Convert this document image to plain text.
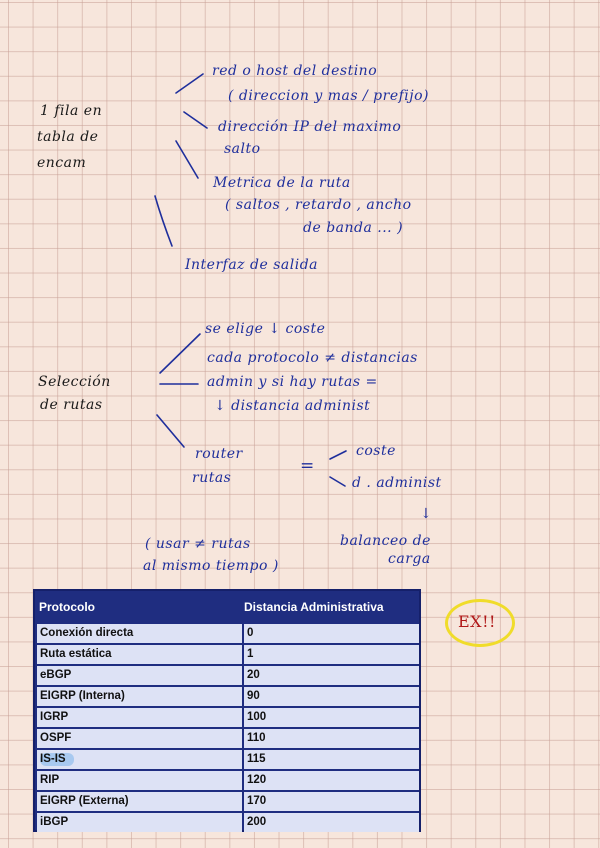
1 fila en
tabla de
encam
red o host del destino
( direccion y mas / prefijo)
dirección IP del maximo
salto
Metrica de la ruta
( saltos , retardo , ancho
de banda ... )
Interfaz de salida
Selección
de rutas
se elige ↓ coste
cada protocolo ≠ distancias
admin y si hay rutas =
↓ distancia administ
router
rutas
=
coste
d . administ
↓
balanceo de
carga
( usar ≠ rutas
al mismo tiempo )
Protocolo	Distancia Administrativa
Conexión directa	0
Ruta estática	1
eBGP	20
EIGRP (Interna)	90
IGRP	100
OSPF	110
IS-IS	115
RIP	120
EIGRP (Externa)	170
iBGP	200
EX!!
